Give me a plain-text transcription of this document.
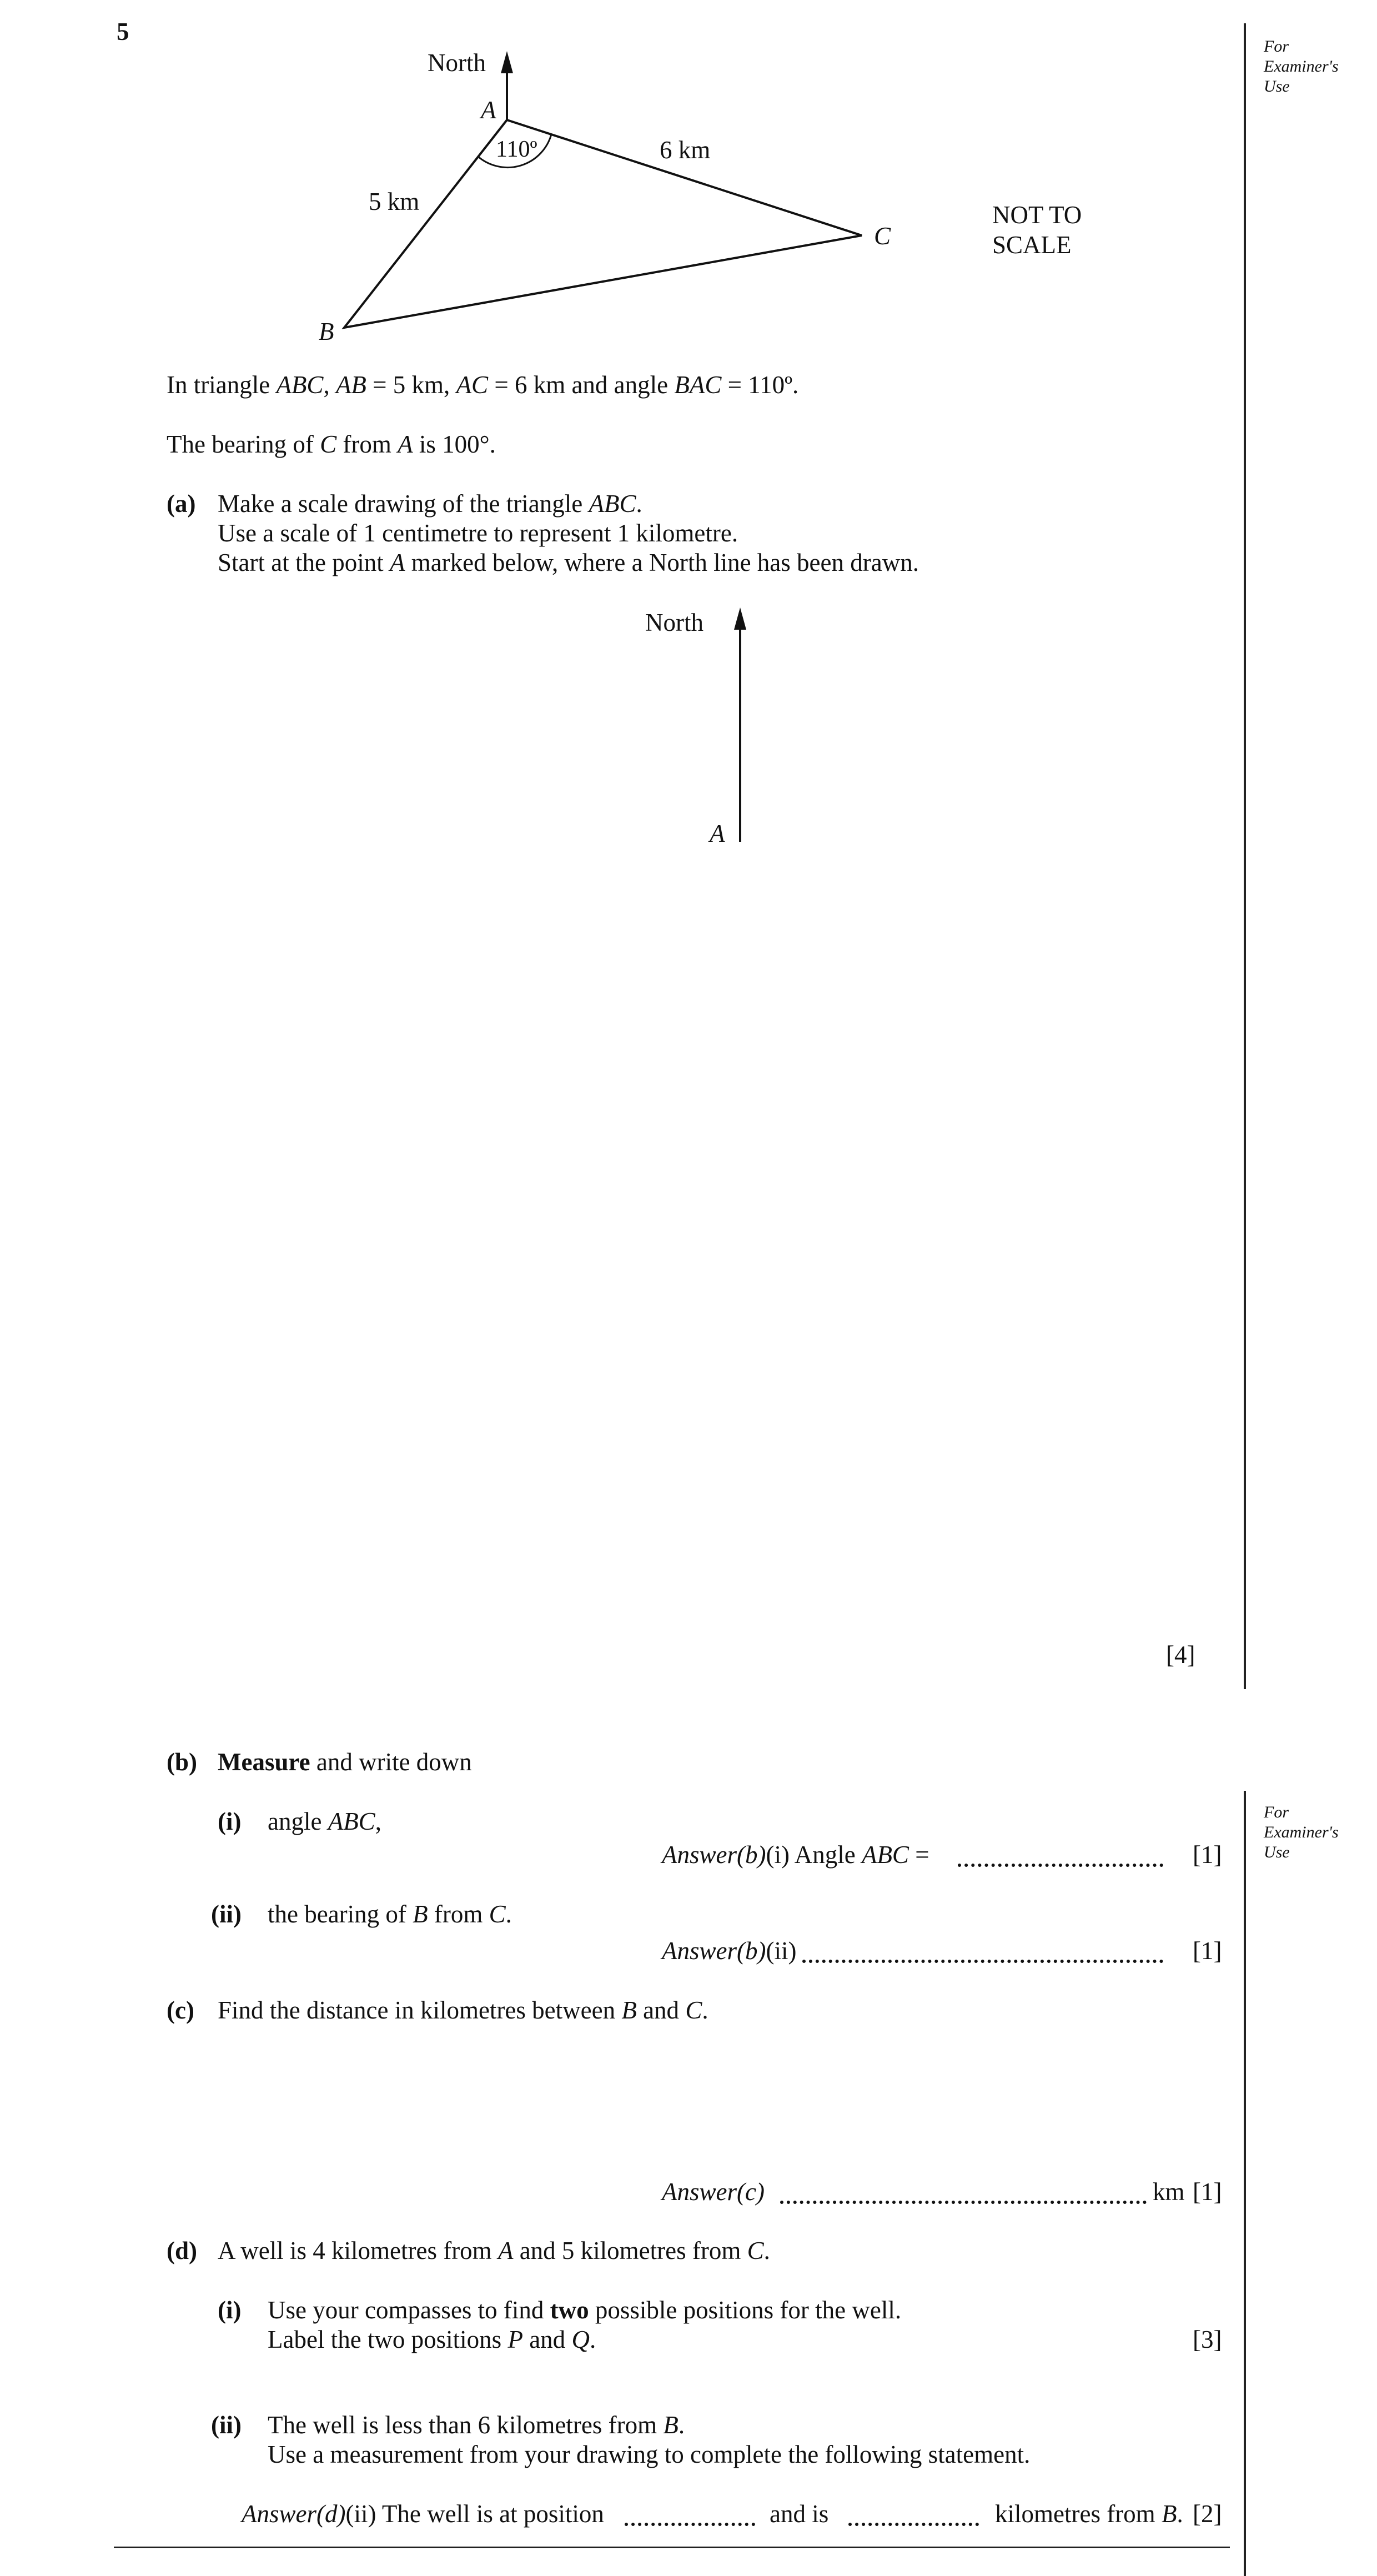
5
For
Examiner's
Use
For
Examiner's
Use
North
A
B
C
110º
5 km
6 km
NOT TO
SCALE
In triangle ABC, AB = 5 km, AC = 6 km and angle BAC = 110º.
The bearing of C from A is 100°.
(a) Make a scale drawing of the triangle ABC.
Use a scale of 1 centimetre to represent 1 kilometre.
Start at the point A marked below, where a North line has been drawn.
North
A
[4]
(b) Measure and write down
(i) angle ABC,
Answer(b)(i) Angle ABC =	[1]
(ii) the bearing of B from C.
Answer(b)(ii)	[1]
(c) Find the distance in kilometres between B and C.
Answer(c)	km [1]
(d) A well is 4 kilometres from A and 5 kilometres from C.
(i) Use your compasses to find two possible positions for the well.
Label the two positions P and Q.	[3]
(ii) The well is less than 6 kilometres from B.
Use a measurement from your drawing to complete the following statement.
Answer(d)(ii) The well is at position	and is	kilometres from B. [2]
